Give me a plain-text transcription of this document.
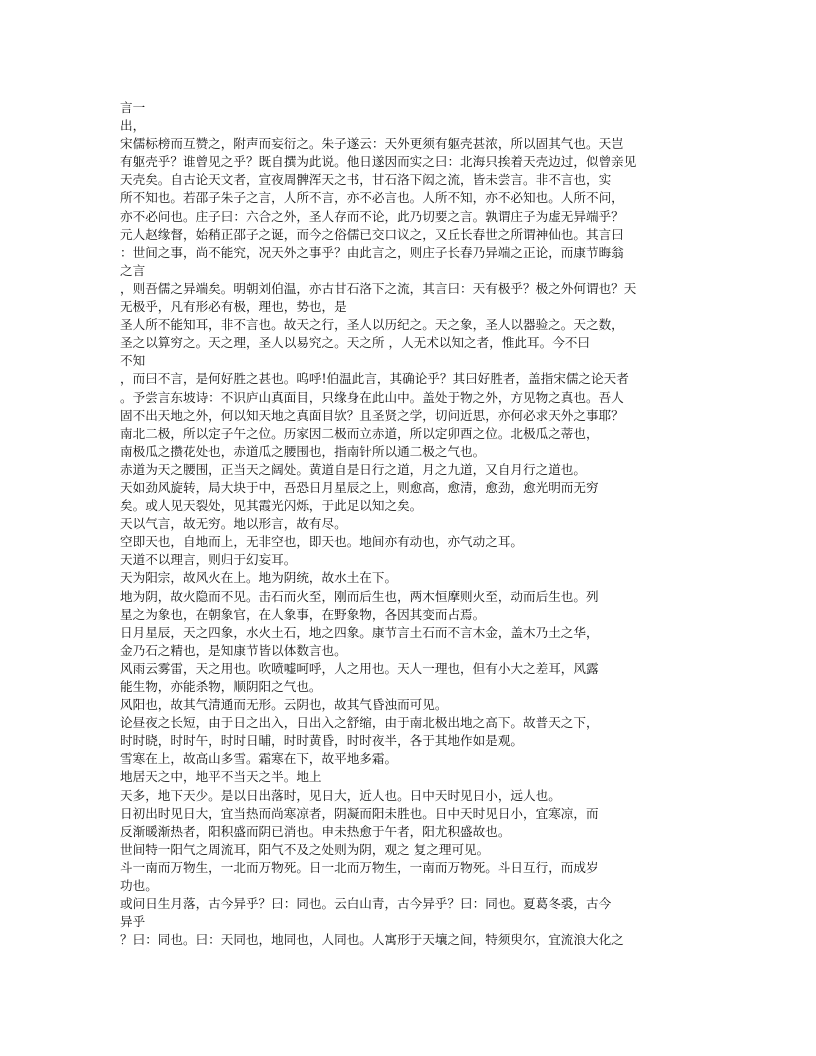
言一
出，
宋儒标榜而互赞之，附声而妄衍之。朱子遂云：天外更须有躯壳甚浓，所以固其气也。天岂
有躯壳乎？谁曾见之乎？既自撰为此说。他日遂因而实之曰：北海只挨着天壳边过，似曾亲见
天壳矣。自古论天文者，宣夜周髀浑天之书，甘石洛下闳之流，皆未尝言。非不言也，实
所不知也。若邵子朱子之言，人所不言，亦不必言也。人所不知，亦不必知也。人所不问，
亦不必问也。庄子曰：六合之外，圣人存而不论，此乃切要之言。孰谓庄子为虚无异端乎？
元人赵缘督，始稍正邵子之诞，而今之俗儒已交口议之，又丘长春世之所谓神仙也。其言曰
：世间之事，尚不能究，况天外之事乎？由此言之，则庄子长春乃异端之正论，而康节晦翁
之言
，则吾儒之异端矣。明朝刘伯温，亦古甘石洛下之流，其言曰：天有极乎？极之外何谓也？天
无极乎，凡有形必有极，理也，势也，是
圣人所不能知耳，非不言也。故天之行，圣人以历纪之。天之象，圣人以器验之。天之数，
圣之以算穷之。天之理，圣人以易究之。天之所 ，人无术以知之者，惟此耳。今不曰
不知
，而曰不言，是何好胜之甚也。呜呼!伯温此言，其确论乎？其曰好胜者，盖指宋儒之论天者
。予尝言东坡诗：不识庐山真面目，只缘身在此山中。盖处于物之外，方见物之真也。吾人
固不出天地之外，何以知天地之真面目欤？且圣贤之学，切问近思，亦何必求天外之事耶？
南北二极，所以定子午之位。历家因二极而立赤道，所以定卯酉之位。北极瓜之蒂也，
南极瓜之攒花处也，赤道瓜之腰围也，指南针所以通二极之气也。
赤道为天之腰围，正当天之阔处。黄道自是日行之道，月之九道，又自月行之道也。
天如劲风旋转，局大块于中，吾恐日月星辰之上，则愈高，愈清，愈劲，愈光明而无穷
矣。或人见天裂处，见其霞光闪烁，于此足以知之矣。
天以气言，故无穷。地以形言，故有尽。
空即天也，自地而上，无非空也，即天也。地间亦有动也，亦气动之耳。
天道不以理言，则归于幻妄耳。
天为阳宗，故风火在上。地为阴统，故水土在下。
地为阴，故火隐而不见。击石而火至，刚而后生也，两木恒摩则火至，动而后生也。列
星之为象也，在朝象官，在人象事，在野象物，各因其变而占焉。
日月星辰，天之四象，水火土石，地之四象。康节言土石而不言木金，盖木乃土之华，
金乃石之精也，是知康节皆以体数言也。
风雨云雾雷，天之用也。吹喷嘘呵呼，人之用也。天人一理也，但有小大之差耳，风露
能生物，亦能杀物，顺阴阳之气也。
风阳也，故其气清通而无形。云阴也，故其气昏浊而可见。
论昼夜之长短，由于日之出入，日出入之舒缩，由于南北极出地之高下。故普天之下，
时时晓，时时午，时时日晡，时时黄昏，时时夜半，各于其地作如是观。
雪寒在上，故高山多雪。霜寒在下，故平地多霜。
地居天之中，地平不当天之半。地上
天多，地下天少。是以日出落时，见日大，近人也。日中天时见日小，远人也。
日初出时见日大，宜当热而尚寒凉者，阴凝而阳未胜也。日中天时见日小，宜寒凉，而
反渐暖渐热者，阳积盛而阴已消也。申未热愈于午者，阳尤积盛故也。
世间特一阳气之周流耳，阳气不及之处则为阴，观之 复之理可见。
斗一南而万物生，一北而万物死。日一北而万物生，一南而万物死。斗日互行，而成岁
功也。
或问日生月落，古今异乎？曰：同也。云白山青，古今异乎？曰：同也。夏葛冬裘，古今
异乎
？曰：同也。曰：天同也，地同也，人同也。人寓形于天壤之间，特须臾尔，宜流浪大化之
